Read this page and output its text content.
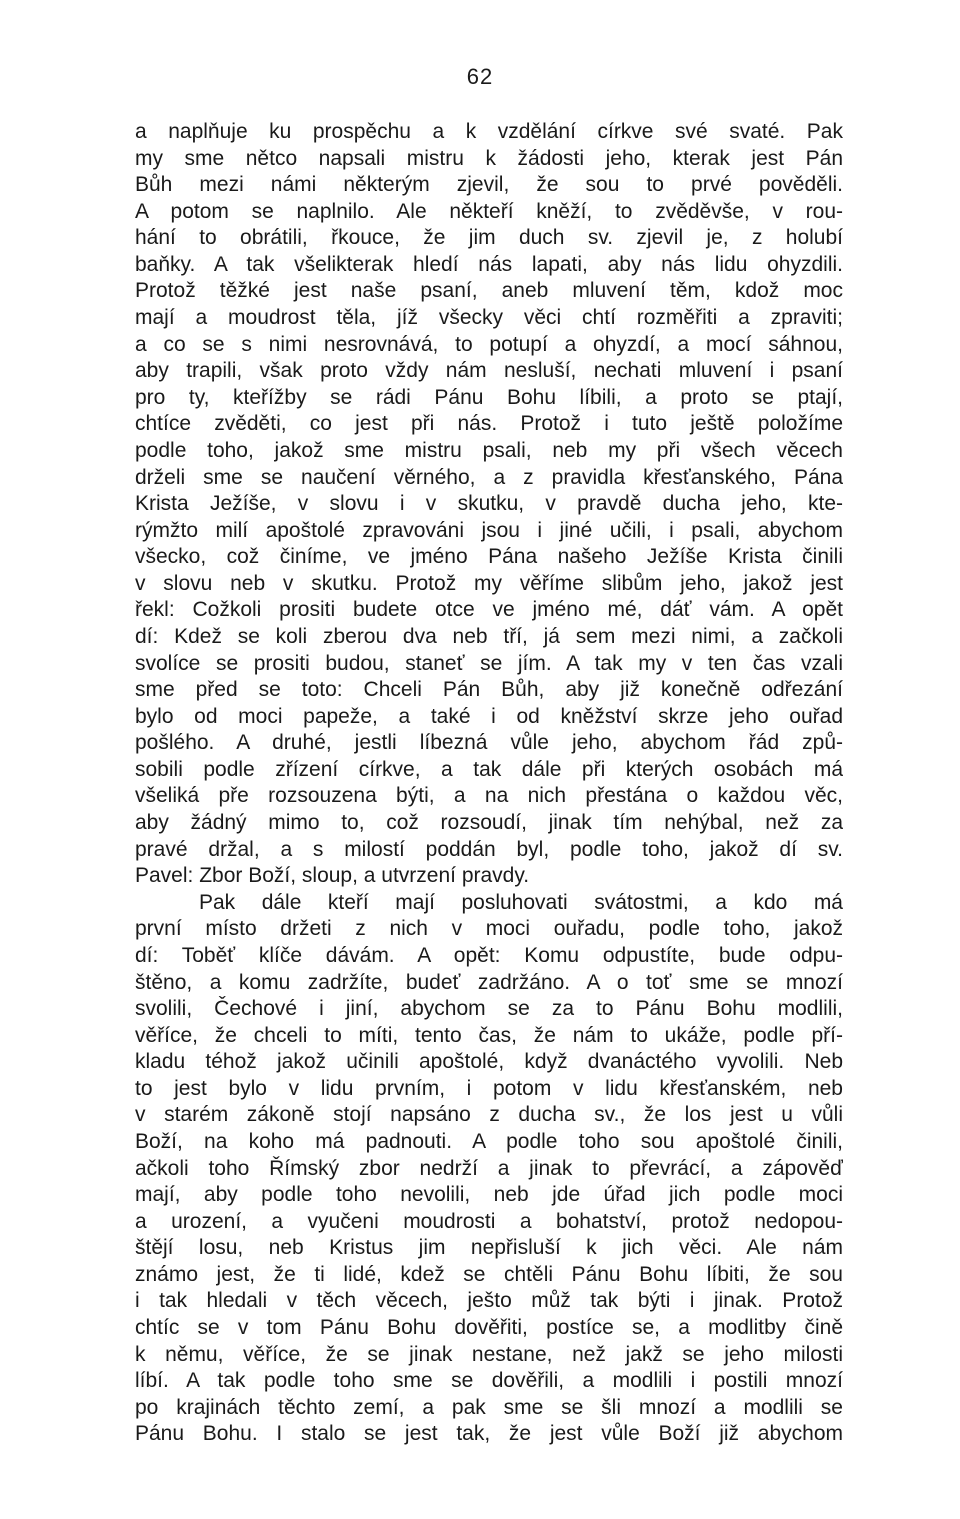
62
a naplňuje ku prospěchu a k vzdělání církve své svaté. Pak
my sme nětco napsali mistru k žádosti jeho, kterak jest Pán
Bůh mezi námi některým zjevil, že sou to prvé pověděli.
A potom se naplnilo. Ale někteří kněží, to zvěděvše, v rou-
hání to obrátili, řkouce, že jim duch sv. zjevil je, z holubí
baňky. A tak všelikterak hledí nás lapati, aby nás lidu ohyzdili.
Protož těžké jest naše psaní, aneb mluvení těm, kdož moc
mají a moudrost těla, jíž všecky věci chtí rozměřiti a zpraviti;
a co se s nimi nesrovnává, to potupí a ohyzdí, a mocí sáhnou,
aby trapili, však proto vždy nám nesluší, nechati mluvení i psaní
pro ty, kteřížby se rádi Pánu Bohu líbili, a proto se ptají,
chtíce zvěděti, co jest při nás. Protož i tuto ještě položíme
podle toho, jakož sme mistru psali, neb my při všech věcech
drželi sme se naučení věrného, a z pravidla křesťanského, Pána
Krista Ježíše, v slovu i v skutku, v pravdě ducha jeho, kte-
rýmžto milí apoštolé zpravováni jsou i jiné učili, i psali, abychom
všecko, což činíme, ve jméno Pána našeho Ježíše Krista činili
v slovu neb v skutku. Protož my věříme slibům jeho, jakož jest
řekl: Cožkoli prositi budete otce ve jméno mé, dáť vám. A opět
dí: Kdež se koli zberou dva neb tří, já sem mezi nimi, a začkoli
svolíce se prositi budou, staneť se jím. A tak my v ten čas vzali
sme před se toto: Chceli Pán Bůh, aby již konečně odřezání
bylo od moci papeže, a také i od kněžství skrze jeho ouřad
pošlého. A druhé, jestli líbezná vůle jeho, abychom řád způ-
sobili podle zřízení církve, a tak dále při kterých osobách má
všeliká pře rozsouzena býti, a na nich přestána o každou věc,
aby žádný mimo to, což rozsoudí, jinak tím nehýbal, než za
pravé držal, a s milostí poddán byl, podle toho, jakož dí sv.
Pavel: Zbor Boží, sloup, a utvrzení pravdy.
Pak dále kteří mají posluhovati svátostmi, a kdo má
první místo držeti z nich v moci ouřadu, podle toho, jakož
dí: Toběť klíče dávám. A opět: Komu odpustíte, bude odpu-
štěno, a komu zadržíte, budeť zadržáno. A o toť sme se mnozí
svolili, Čechové i jiní, abychom se za to Pánu Bohu modlili,
věříce, že chceli to míti, tento čas, že nám to ukáže, podle pří-
kladu téhož jakož učinili apoštolé, když dvanáctého vyvolili. Neb
to jest bylo v lidu prvním, i potom v lidu křesťanském, neb
v starém zákoně stojí napsáno z ducha sv., že los jest u vůli
Boží, na koho má padnouti. A podle toho sou apoštolé činili,
ačkoli toho Římský zbor nedrží a jinak to převrácí, a zápověď
mají, aby podle toho nevolili, neb jde úřad jich podle moci
a urození, a vyučeni moudrosti a bohatství, protož nedopou-
štějí losu, neb Kristus jim nepřisluší k jich věci. Ale nám
známo jest, že ti lidé, kdež se chtěli Pánu Bohu líbiti, že sou
i tak hledali v těch věcech, ješto můž tak býti i jinak. Protož
chtíc se v tom Pánu Bohu dověřiti, postíce se, a modlitby čině
k němu, věříce, že se jinak nestane, než jakž se jeho milosti
líbí. A tak podle toho sme se dověřili, a modlili i postili mnozí
po krajinách těchto zemí, a pak sme se šli mnozí a modlili se
Pánu Bohu. I stalo se jest tak, že jest vůle Boží již abychom
